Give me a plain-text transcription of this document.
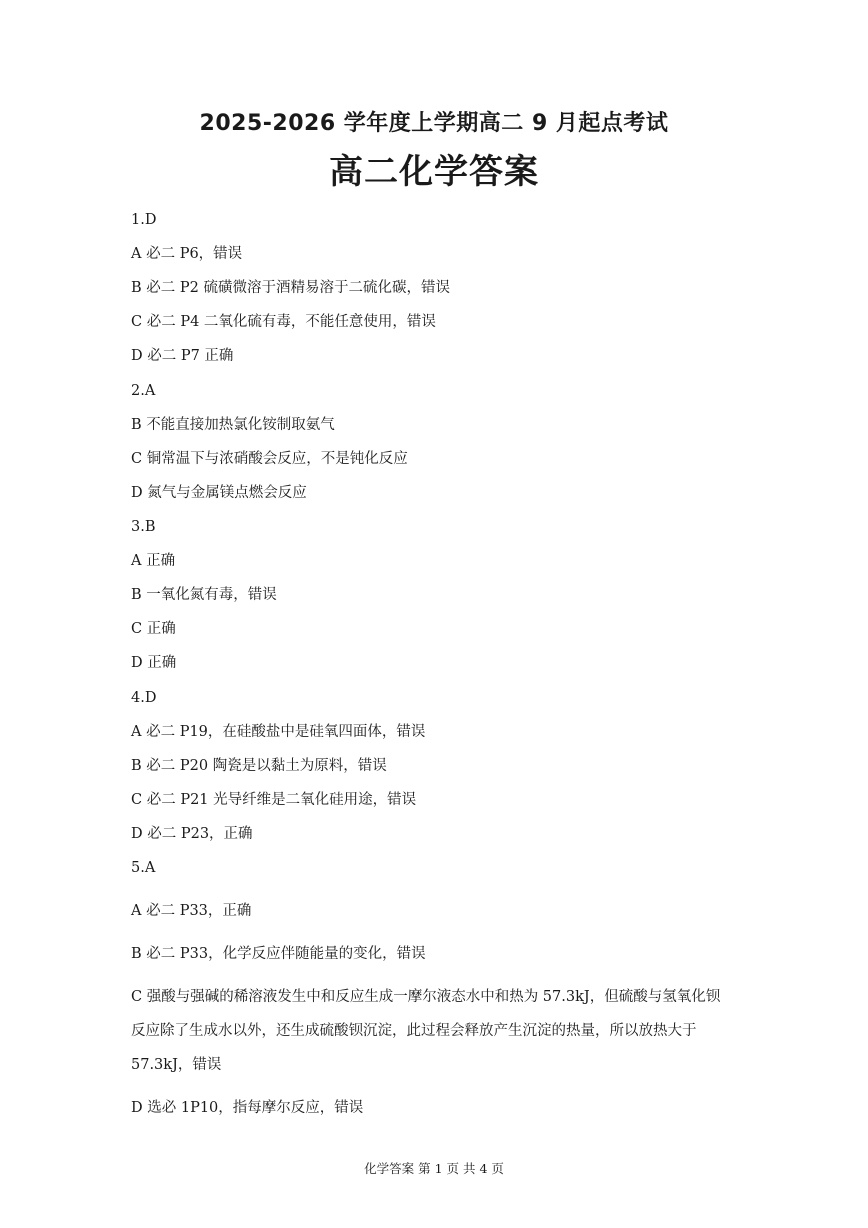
2025-2026 学年度上学期高二 9 月起点考试
高二化学答案
1.D
A 必二 P6，错误
B 必二 P2 硫磺微溶于酒精易溶于二硫化碳，错误
C 必二 P4 二氧化硫有毒，不能任意使用，错误
D 必二 P7 正确
2.A
B 不能直接加热氯化铵制取氨气
C 铜常温下与浓硝酸会反应，不是钝化反应
D 氮气与金属镁点燃会反应
3.B
A 正确
B 一氧化氮有毒，错误
C 正确
D 正确
4.D
A 必二 P19，在硅酸盐中是硅氧四面体，错误
B 必二 P20 陶瓷是以黏土为原料，错误
C 必二 P21 光导纤维是二氧化硅用途，错误
D 必二 P23，正确
5.A
A 必二 P33，正确
B 必二 P33，化学反应伴随能量的变化，错误
C 强酸与强碱的稀溶液发生中和反应生成一摩尔液态水中和热为 57.3kJ，但硫酸与氢氧化钡
反应除了生成水以外，还生成硫酸钡沉淀，此过程会释放产生沉淀的热量，所以放热大于
57.3kJ，错误
D 选必 1P10，指每摩尔反应，错误
化学答案 第 1 页 共 4 页
